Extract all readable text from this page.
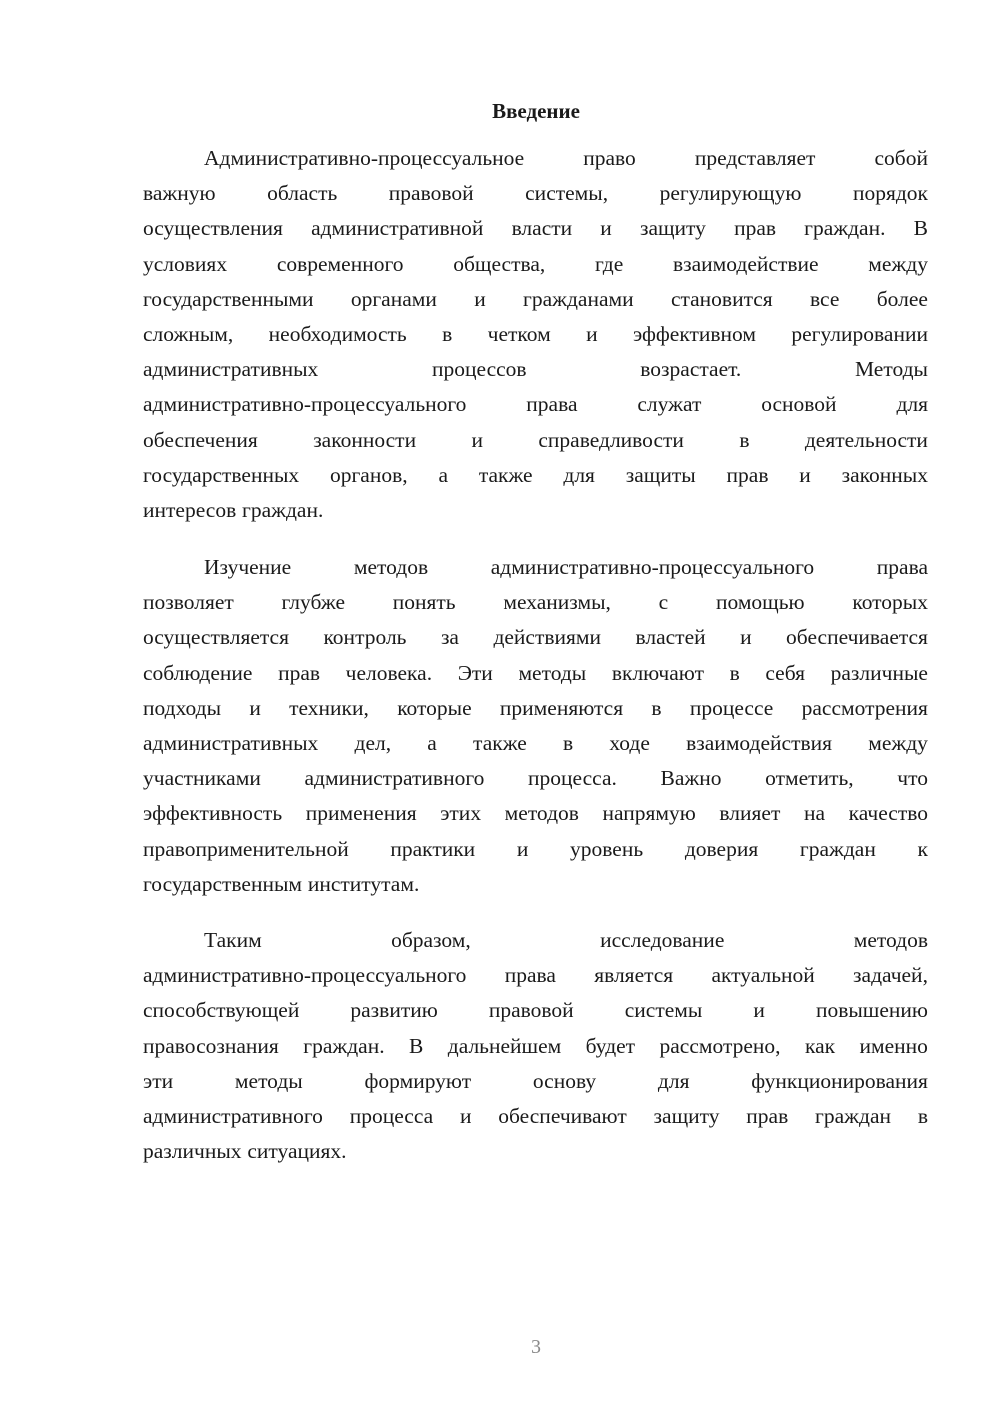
Введение
Административно-процессуальное	право	представляет	собой
важную область правовой системы, регулирующую порядок
осуществления административной власти и защиту прав граждан. В
условиях современного общества, где взаимодействие между
государственными органами и гражданами становится все более
сложным, необходимость в четком и эффективном регулировании
административных	процессов	возрастает.	Методы
административно-процессуального	права	служат	основой	для
обеспечения	законности	и	справедливости	в	деятельности
государственных органов, а также для защиты прав и законных
интересов граждан.
Изучение	методов	административно-процессуального	права
позволяет глубже понять механизмы, с помощью которых
осуществляется контроль за действиями властей и обеспечивается
соблюдение прав человека. Эти методы включают в себя различные
подходы и техники, которые применяются в процессе рассмотрения
административных дел, а также в ходе взаимодействия между
участниками административного процесса. Важно отметить, что
эффективность применения этих методов напрямую влияет на качество
правоприменительной практики и уровень доверия граждан к
государственным институтам.
Таким	образом,	исследование	методов
административно-процессуального права является актуальной задачей,
способствующей развитию правовой системы и повышению
правосознания граждан. В дальнейшем будет рассмотрено, как именно
эти	методы	формируют	основу	для	функционирования
административного процесса и обеспечивают защиту прав граждан в
различных ситуациях.
3
